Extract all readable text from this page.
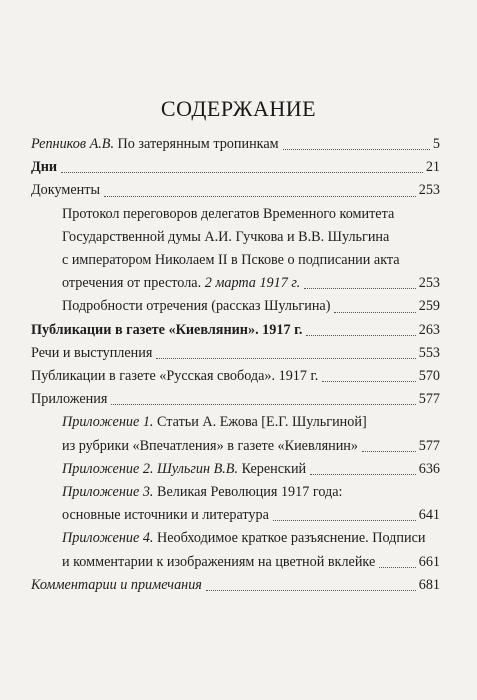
СОДЕРЖАНИЕ
Репников А.В. По затерянным тропинкам	5
Дни	21
Документы	253
Протокол переговоров делегатов Временного комитета
Государственной думы А.И. Гучкова и В.В. Шульгина
с императором Николаем II в Пскове о подписании акта
отречения от престола. 2 марта 1917 г.	253
Подробности отречения (рассказ Шульгина)	259
Публикации в газете «Киевлянин». 1917 г.	263
Речи и выступления	553
Публикации в газете «Русская свобода». 1917 г.	570
Приложения	577
Приложение 1. Статьи А. Ежова [Е.Г. Шульгиной]
из рубрики «Впечатления» в газете «Киевлянин»	577
Приложение 2. Шульгин В.В. Керенский	636
Приложение 3. Великая Революция 1917 года:
основные источники и литература	641
Приложение 4. Необходимое краткое разъяснение. Подписи
и комментарии к изображениям на цветной вклейке	661
Комментарии и примечания	681
